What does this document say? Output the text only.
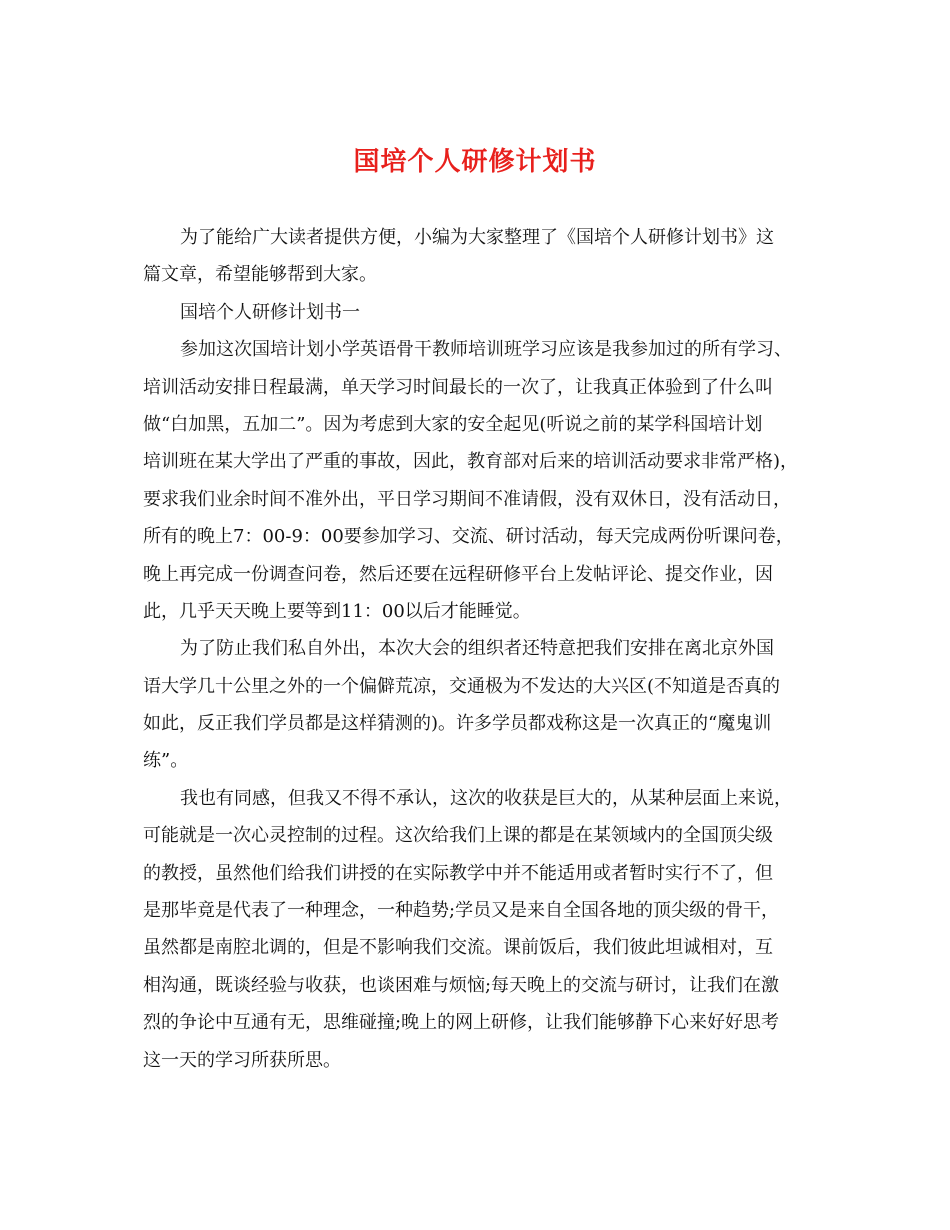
国培个人研修计划书
为了能给广大读者提供方便，小编为大家整理了《国培个人研修计划书》这
篇文章，希望能够帮到大家。
国培个人研修计划书一
参加这次国培计划小学英语骨干教师培训班学习应该是我参加过的所有学习、
培训活动安排日程最满，单天学习时间最长的一次了，让我真正体验到了什么叫
做“白加黑，五加二”。因为考虑到大家的安全起见(听说之前的某学科国培计划
培训班在某大学出了严重的事故，因此，教育部对后来的培训活动要求非常严格)，
要求我们业余时间不准外出，平日学习期间不准请假，没有双休日，没有活动日，
所有的晚上7：00-9：00要参加学习、交流、研讨活动，每天完成两份听课问卷，
晚上再完成一份调查问卷，然后还要在远程研修平台上发帖评论、提交作业，因
此，几乎天天晚上要等到11：00以后才能睡觉。
为了防止我们私自外出，本次大会的组织者还特意把我们安排在离北京外国
语大学几十公里之外的一个偏僻荒凉，交通极为不发达的大兴区(不知道是否真的
如此，反正我们学员都是这样猜测的)。许多学员都戏称这是一次真正的“魔鬼训
练”。
我也有同感，但我又不得不承认，这次的收获是巨大的，从某种层面上来说，
可能就是一次心灵控制的过程。这次给我们上课的都是在某领域内的全国顶尖级
的教授，虽然他们给我们讲授的在实际教学中并不能适用或者暂时实行不了，但
是那毕竟是代表了一种理念，一种趋势;学员又是来自全国各地的顶尖级的骨干，
虽然都是南腔北调的，但是不影响我们交流。课前饭后，我们彼此坦诚相对，互
相沟通，既谈经验与收获，也谈困难与烦恼;每天晚上的交流与研讨，让我们在激
烈的争论中互通有无，思维碰撞;晚上的网上研修，让我们能够静下心来好好思考
这一天的学习所获所思。
